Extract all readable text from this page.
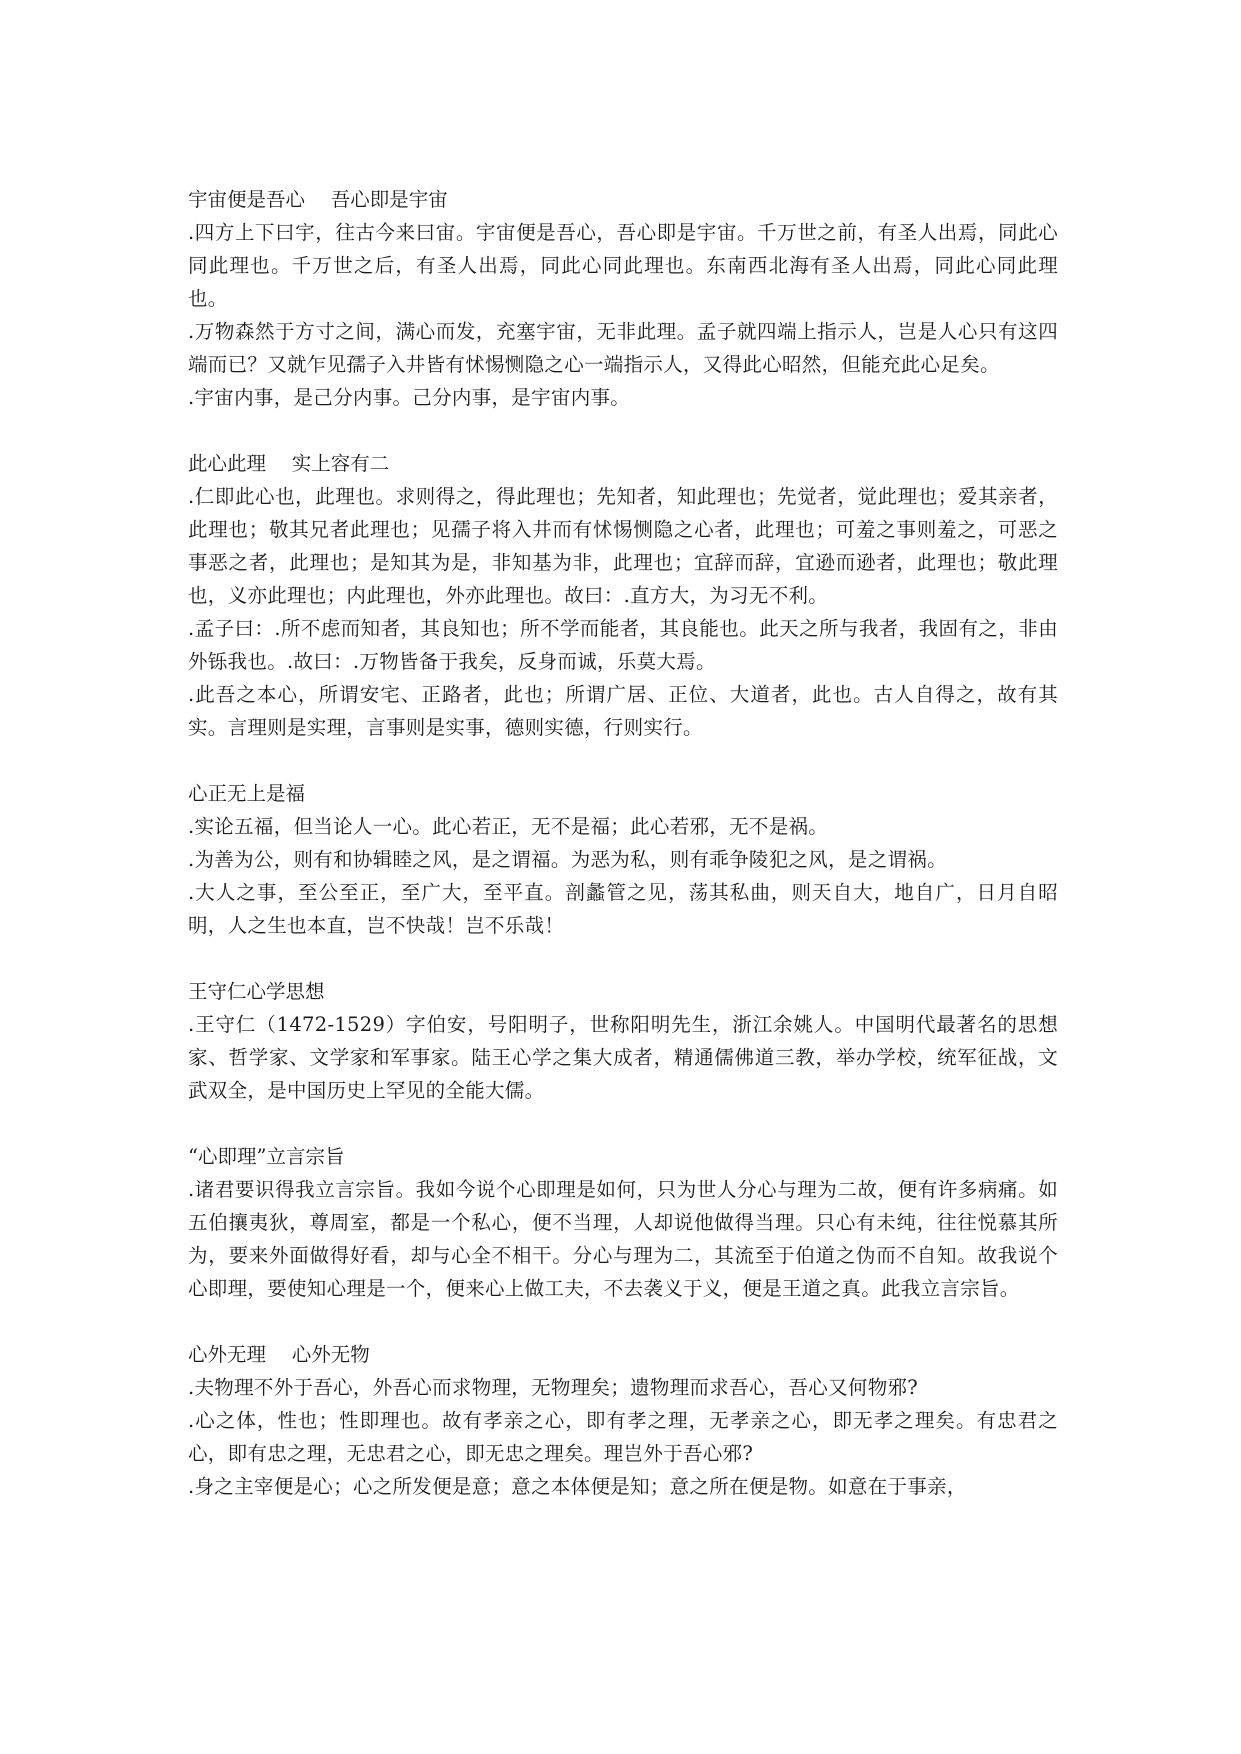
宇宙便是吾心　 吾心即是宇宙

.四方上下曰宇，往古今来曰宙。宇宙便是吾心，吾心即是宇宙。千万世之前，有圣人出焉，同此心同此理也。千万世之后，有圣人出焉，同此心同此理也。东南西北海有圣人出焉，同此心同此理也。

.万物森然于方寸之间，满心而发，充塞宇宙，无非此理。孟子就四端上指示人，岂是人心只有这四端而已？又就乍见孺子入井皆有怵惕恻隐之心一端指示人，又得此心昭然，但能充此心足矣。

.宇宙内事，是己分内事。己分内事，是宇宙内事。

此心此理　 实上容有二

.仁即此心也，此理也。求则得之，得此理也；先知者，知此理也；先觉者，觉此理也；爱其亲者，此理也；敬其兄者此理也；见孺子将入井而有怵惕恻隐之心者，此理也；可羞之事则羞之，可恶之事恶之者，此理也；是知其为是，非知基为非，此理也；宜辞而辞，宜逊而逊者，此理也；敬此理也，义亦此理也；内此理也，外亦此理也。故曰：.直方大，为习无不利。

.孟子曰：.所不虑而知者，其良知也；所不学而能者，其良能也。此天之所与我者，我固有之，非由外铄我也。.故曰：.万物皆备于我矣，反身而诚，乐莫大焉。

.此吾之本心，所谓安宅、正路者，此也；所谓广居、正位、大道者，此也。古人自得之，故有其实。言理则是实理，言事则是实事，德则实德，行则实行。

心正无上是福

.实论五福，但当论人一心。此心若正，无不是福；此心若邪，无不是祸。

.为善为公，则有和协辑睦之风，是之谓福。为恶为私，则有乖争陵犯之风，是之谓祸。

.大人之事，至公至正，至广大，至平直。剖蠡管之见，荡其私曲，则天自大，地自广，日月自昭明，人之生也本直，岂不快哉！岂不乐哉！

王守仁心学思想

.王守仁（1472-1529）字伯安，号阳明子，世称阳明先生，浙江余姚人。中国明代最著名的思想家、哲学家、文学家和军事家。陆王心学之集大成者，精通儒佛道三教，举办学校，统军征战，文武双全，是中国历史上罕见的全能大儒。

“心即理”立言宗旨

.诸君要识得我立言宗旨。我如今说个心即理是如何，只为世人分心与理为二故，便有许多病痛。如五伯攘夷狄，尊周室，都是一个私心，便不当理，人却说他做得当理。只心有未纯，往往悦慕其所为，要来外面做得好看，却与心全不相干。分心与理为二，其流至于伯道之伪而不自知。故我说个心即理，要使知心理是一个，便来心上做工夫，不去袭义于义，便是王道之真。此我立言宗旨。

心外无理　 心外无物

.夫物理不外于吾心，外吾心而求物理，无物理矣；遗物理而求吾心，吾心又何物邪?

.心之体，性也；性即理也。故有孝亲之心，即有孝之理，无孝亲之心，即无孝之理矣。有忠君之心，即有忠之理，无忠君之心，即无忠之理矣。理岂外于吾心邪?

.身之主宰便是心；心之所发便是意；意之本体便是知；意之所在便是物。如意在于事亲，
